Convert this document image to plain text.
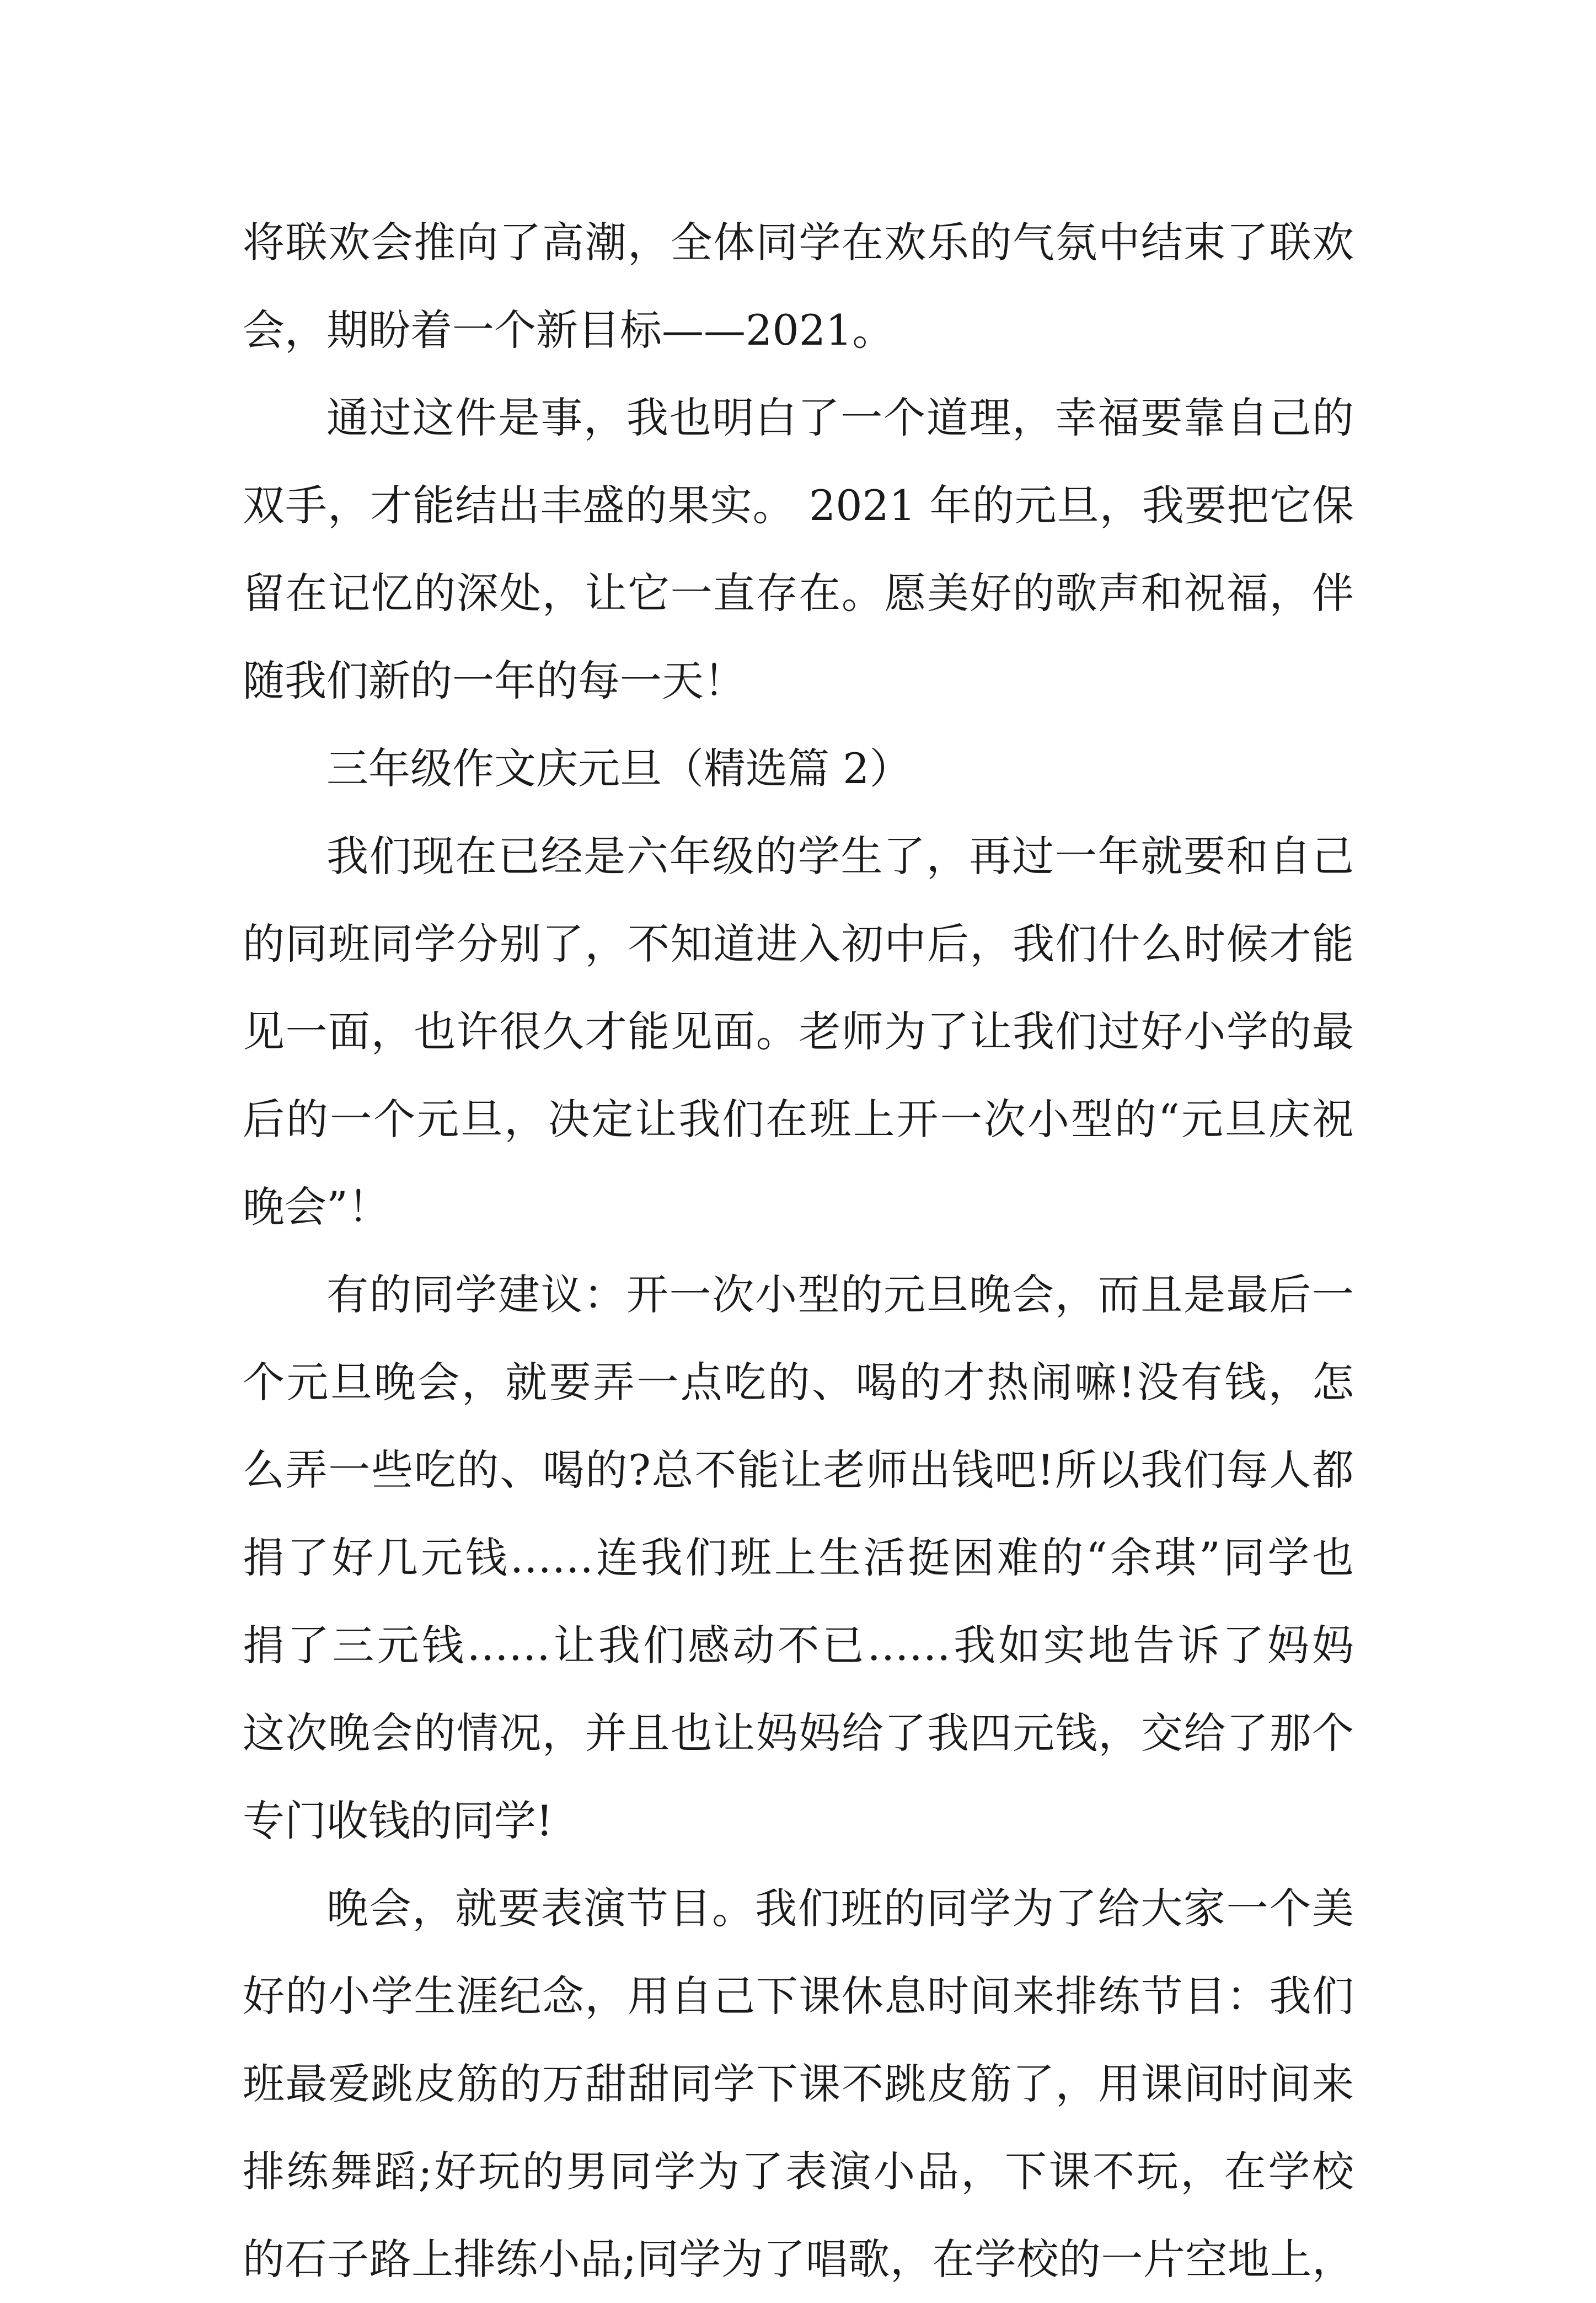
将联欢会推向了高潮，全体同学在欢乐的气氛中结束了联欢
会，期盼着一个新目标——2021。
通过这件是事，我也明白了一个道理，幸福要靠自己的
双手，才能结出丰盛的果实。 2021 年的元旦，我要把它保
留在记忆的深处，让它一直存在。愿美好的歌声和祝福，伴
随我们新的一年的每一天！
三年级作文庆元旦（精选篇 2）
我们现在已经是六年级的学生了，再过一年就要和自己
的同班同学分别了，不知道进入初中后，我们什么时候才能
见一面，也许很久才能见面。老师为了让我们过好小学的最
后的一个元旦，决定让我们在班上开一次小型的“元旦庆祝
晚会”！
有的同学建议：开一次小型的元旦晚会，而且是最后一
个元旦晚会，就要弄一点吃的、喝的才热闹嘛!没有钱，怎
么弄一些吃的、喝的?总不能让老师出钱吧!所以我们每人都
捐了好几元钱……连我们班上生活挺困难的“余琪”同学也
捐了三元钱……让我们感动不已……我如实地告诉了妈妈
这次晚会的情况，并且也让妈妈给了我四元钱，交给了那个
专门收钱的同学!
晚会，就要表演节目。我们班的同学为了给大家一个美
好的小学生涯纪念，用自己下课休息时间来排练节目：我们
班最爱跳皮筋的万甜甜同学下课不跳皮筋了，用课间时间来
排练舞蹈;好玩的男同学为了表演小品，下课不玩，在学校
的石子路上排练小品;同学为了唱歌，在学校的一片空地上，
